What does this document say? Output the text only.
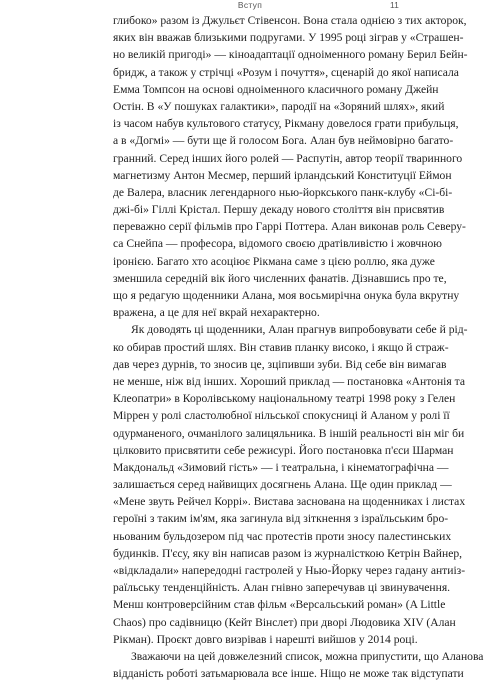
Вступ	11
глибоко» разом із Джульєт Стівенсон. Вона стала однією з тих акторок,
яких він вважав близькими подругами. У 1995 році зіграв у «Страшен-
но великій пригоді» — кіноадаптації одноіменного роману Берил Бейн-
бридж, а також у стрічці «Розум і почуття», сценарій до якої написала
Емма Томпсон на основі одноіменного класичного роману Джейн
Остін. В «У пошуках галактики», пародії на «Зоряний шлях», який
із часом набув культового статусу, Рікману довелося грати прибульця,
а в «Догмі» — бути ще й голосом Бога. Алан був неймовірно багато-
гранний. Серед інших його ролей — Распутін, автор теорії тваринного
магнетизму Антон Месмер, перший ірландський Конституції Еймон
де Валера, власник легендарного нью-йоркського панк-клубу «Сі-бі-
джі-бі» Гіллі Крістал. Першу декаду нового століття він присвятив
переважно серії фільмів про Гаррі Поттера. Алан виконав роль Северу-
са Снейпа — професора, відомого своєю дратівливістю і жовчною
іронією. Багато хто асоціює Рікмана саме з цією роллю, яка дуже
зменшила середній вік його численних фанатів. Дізнавшись про те,
що я редагую щоденники Алана, моя восьмирічна онука була вкрутну
вражена, а це для неї вкрай нехарактерно.
Як доводять ці щоденники, Алан прагнув випробовувати себе й рід-
ко обирав простий шлях. Він ставив планку високо, і якщо й страж-
дав через дурнів, то зносив це, зціпивши зуби. Від себе він вимагав
не менше, ніж від інших. Хороший приклад — постановка «Антонія та
Клеопатри» в Королівському національному театрі 1998 року з Гелен
Міррен у ролі сластолюбної нільської спокусниці й Аланом у ролі її
одурманеного, очманілого залицяльника. В іншій реальності він міг би
цілковито присвятити себе режисурі. Його постановка п'єси Шарман
Макдональд «Зимовий гість» — і театральна, і кінематографічна —
залишається серед найвищих досягнень Алана. Ще один приклад —
«Мене звуть Рейчел Коррі». Вистава заснована на щоденниках і листах
героїні з таким ім'ям, яка загинула від зіткнення з ізраїльським бро-
ньованим бульдозером під час протестів проти зносу палестинських
будинків. П'єсу, яку він написав разом із журналісткою Кетрін Вайнер,
«відкладали» напередодні гастролей у Нью-Йорку через гадану антиіз-
раїльську тенденційність. Алан гнівно заперечував ці звинувачення.
Менш контроверсійним став фільм «Версальський роман» (A Little
Chaos) про садівницю (Кейт Вінслет) при дворі Людовика XIV (Алан
Рікман). Проєкт довго визрівав і нарешті вийшов у 2014 році.
Зважаючи на цей довжелезний список, можна припустити, що Аланова
відданість роботі затьмарювала все інше. Ніщо не може так відступати
